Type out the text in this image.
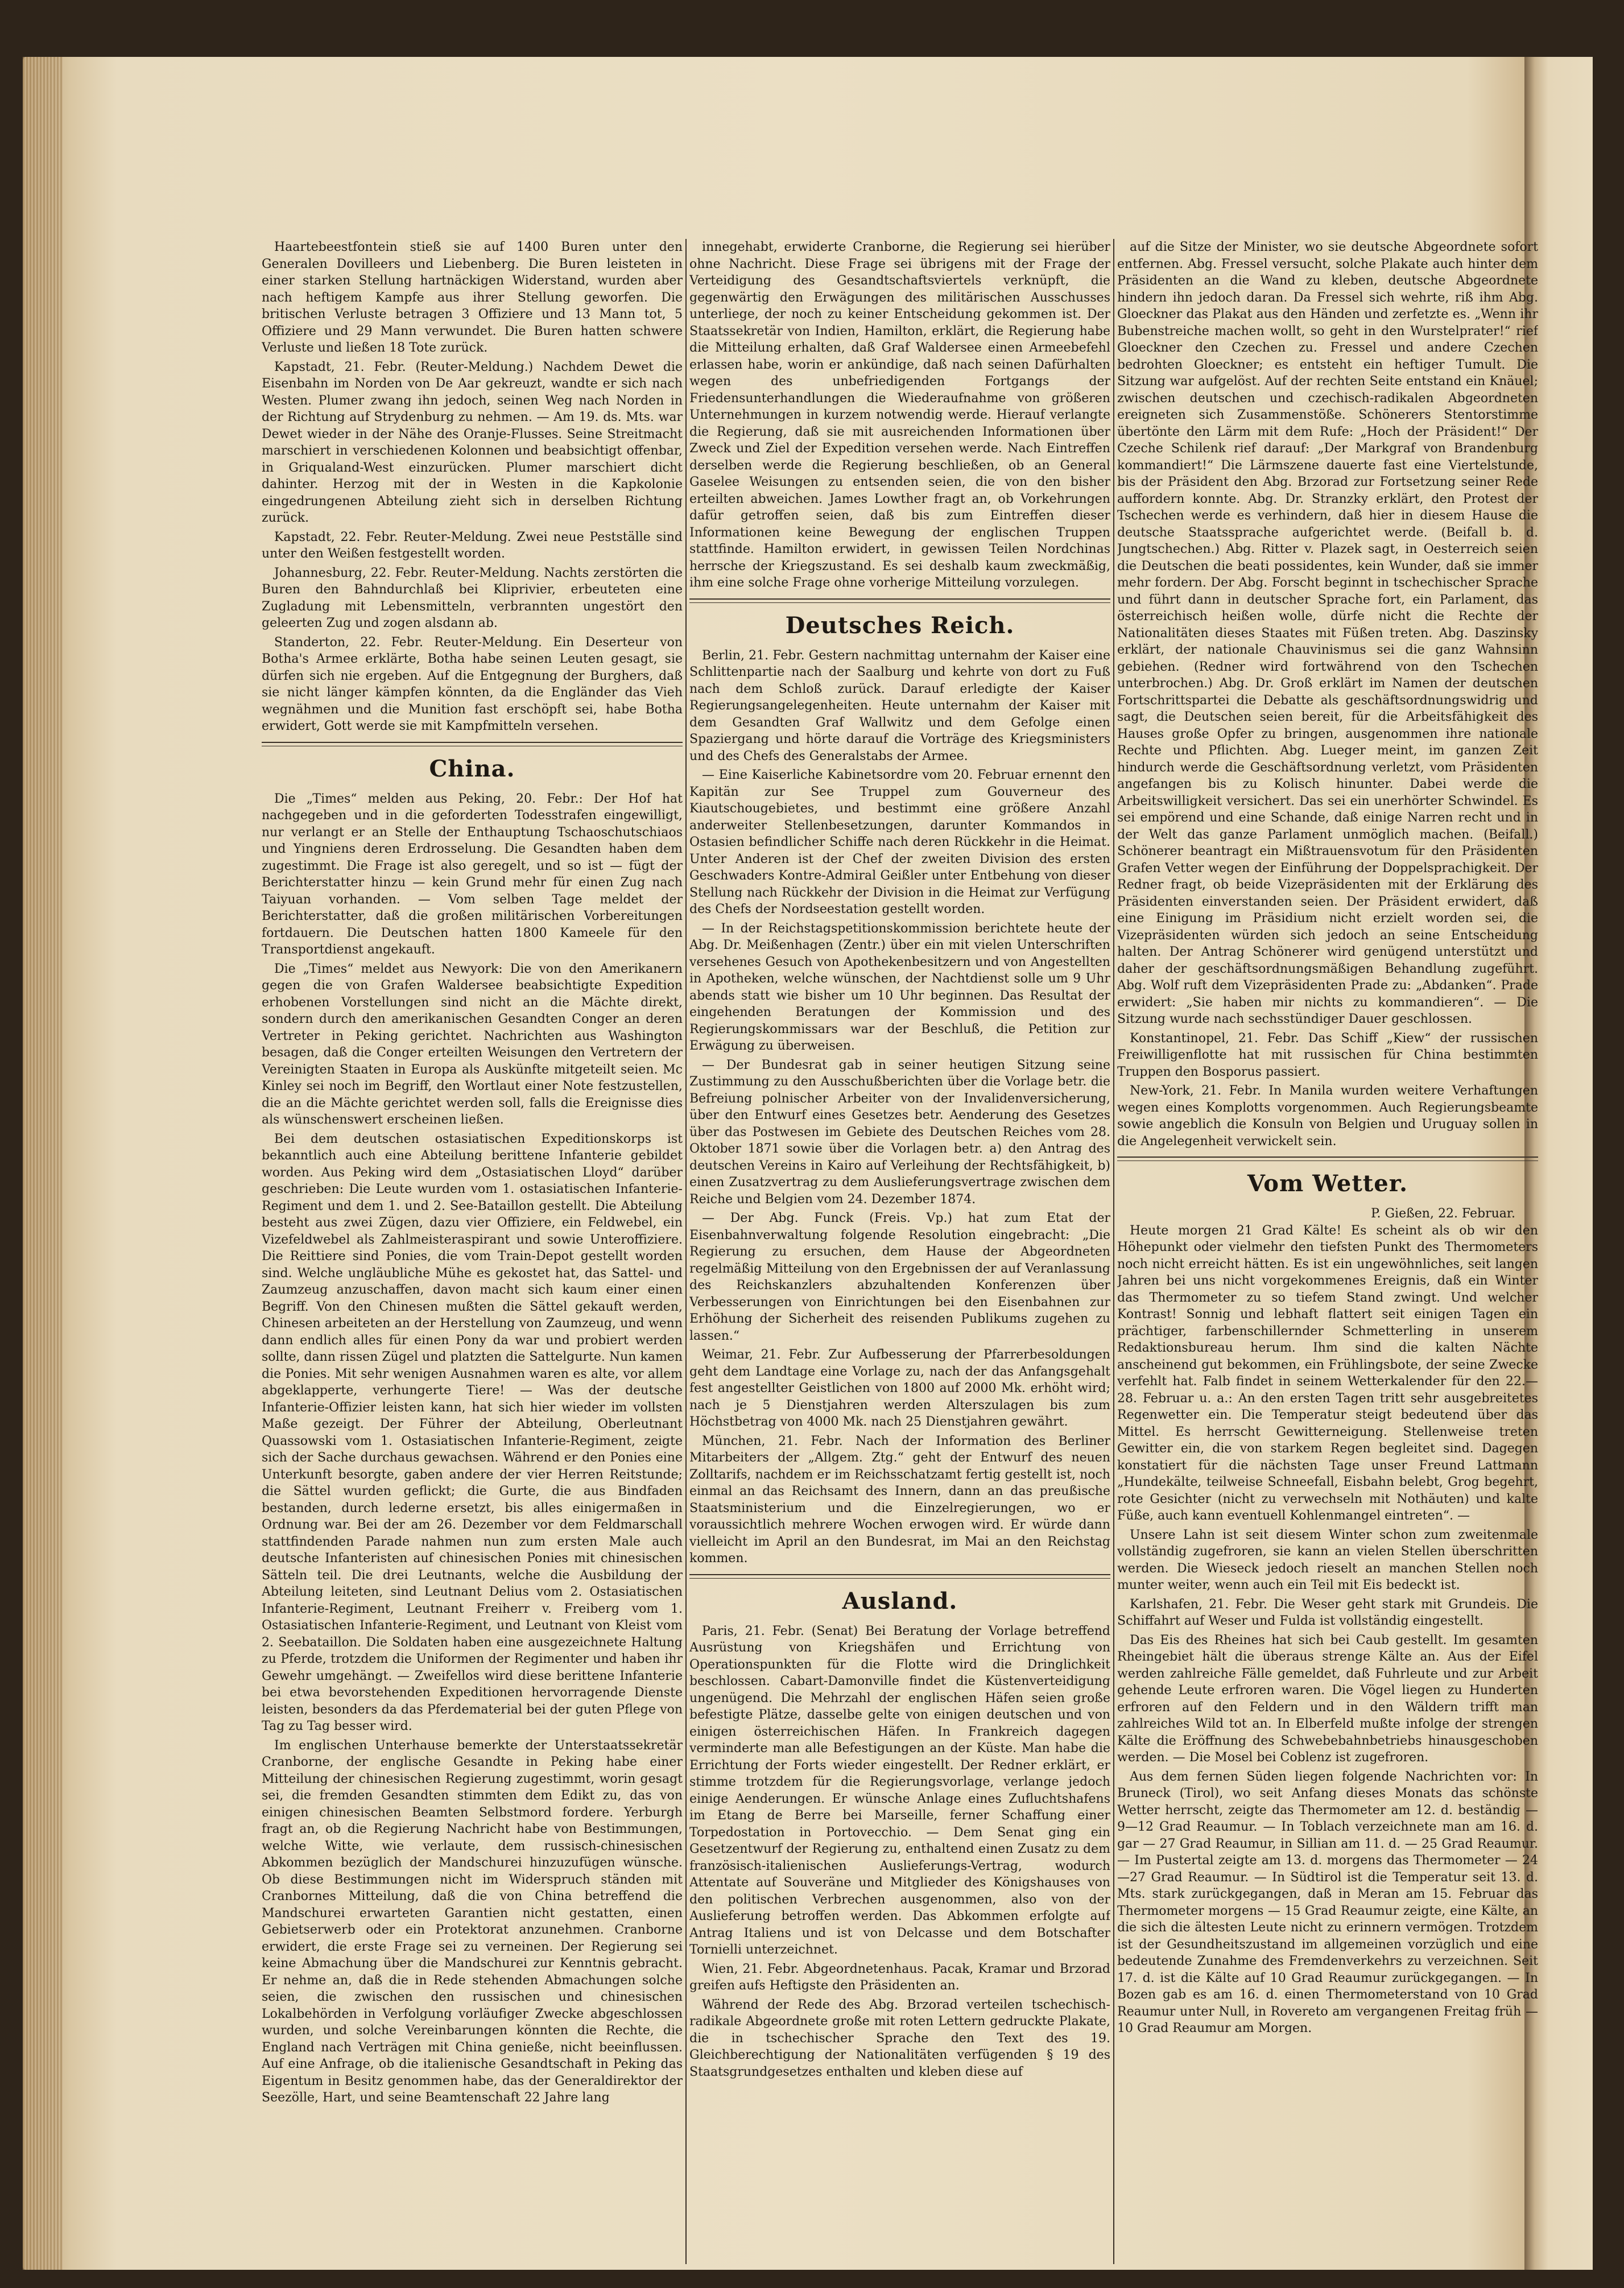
Haartebeestfontein stieß sie auf 1400 Buren unter den Generalen Dovilleers und Liebenberg. Die Buren leisteten in einer starken Stellung hartnäckigen Widerstand, wurden aber nach heftigem Kampfe aus ihrer Stellung geworfen. Die britischen Verluste betragen 3 Offiziere und 13 Mann tot, 5 Offiziere und 29 Mann verwundet. Die Buren hatten schwere Verluste und ließen 18 Tote zurück.

Kapstadt, 21. Febr. (Reuter-Meldung.) Nachdem Dewet die Eisenbahn im Norden von De Aar gekreuzt, wandte er sich nach Westen. Plumer zwang ihn jedoch, seinen Weg nach Norden in der Richtung auf Strydenburg zu nehmen. — Am 19. ds. Mts. war Dewet wieder in der Nähe des Oranje-Flusses. Seine Streitmacht marschiert in verschiedenen Kolonnen und beabsichtigt offenbar, in Griqualand-West einzurücken. Plumer marschiert dicht dahinter. Herzog mit der in Westen in die Kapkolonie eingedrungenen Abteilung zieht sich in derselben Richtung zurück.

Kapstadt, 22. Febr. Reuter-Meldung. Zwei neue Pestställe sind unter den Weißen festgestellt worden.

Johannesburg, 22. Febr. Reuter-Meldung. Nachts zerstörten die Buren den Bahndurchlaß bei Kliprivier, erbeuteten eine Zugladung mit Lebensmitteln, verbrannten ungestört den geleerten Zug und zogen alsdann ab.

Standerton, 22. Febr. Reuter-Meldung. Ein Deserteur von Botha's Armee erklärte, Botha habe seinen Leuten gesagt, sie dürfen sich nie ergeben. Auf die Entgegnung der Burghers, daß sie nicht länger kämpfen könnten, da die Engländer das Vieh wegnähmen und die Munition fast erschöpft sei, habe Botha erwidert, Gott werde sie mit Kampfmitteln versehen.

China.

Die „Times“ melden aus Peking, 20. Febr.: Der Hof hat nachgegeben und in die geforderten Todesstrafen eingewilligt, nur verlangt er an Stelle der Enthauptung Tschaoschutschiaos und Yingniens deren Erdrosselung. Die Gesandten haben dem zugestimmt. Die Frage ist also geregelt, und so ist — fügt der Berichterstatter hinzu — kein Grund mehr für einen Zug nach Taiyuan vorhanden. — Vom selben Tage meldet der Berichterstatter, daß die großen militärischen Vorbereitungen fortdauern. Die Deutschen hatten 1800 Kameele für den Transportdienst angekauft.

Die „Times“ meldet aus Newyork: Die von den Amerikanern gegen die von Grafen Waldersee beabsichtigte Expedition erhobenen Vorstellungen sind nicht an die Mächte direkt, sondern durch den amerikanischen Gesandten Conger an deren Vertreter in Peking gerichtet. Nachrichten aus Washington besagen, daß die Conger erteilten Weisungen den Vertretern der Vereinigten Staaten in Europa als Auskünfte mitgeteilt seien. Mc Kinley sei noch im Begriff, den Wortlaut einer Note festzustellen, die an die Mächte gerichtet werden soll, falls die Ereignisse dies als wünschenswert erscheinen ließen.

Bei dem deutschen ostasiatischen Expeditionskorps ist bekanntlich auch eine Abteilung berittene Infanterie gebildet worden. Aus Peking wird dem „Ostasiatischen Lloyd“ darüber geschrieben: Die Leute wurden vom 1. ostasiatischen Infanterie-Regiment und dem 1. und 2. See-Bataillon gestellt. Die Abteilung besteht aus zwei Zügen, dazu vier Offiziere, ein Feldwebel, ein Vizefeldwebel als Zahlmeisteraspirant und sowie Unteroffiziere. Die Reittiere sind Ponies, die vom Train-Depot gestellt worden sind. Welche ungläubliche Mühe es gekostet hat, das Sattel- und Zaumzeug anzuschaffen, davon macht sich kaum einer einen Begriff. Von den Chinesen mußten die Sättel gekauft werden, Chinesen arbeiteten an der Herstellung von Zaumzeug, und wenn dann endlich alles für einen Pony da war und probiert werden sollte, dann rissen Zügel und platzten die Sattelgurte. Nun kamen die Ponies. Mit sehr wenigen Ausnahmen waren es alte, vor allem abgeklapperte, verhungerte Tiere! — Was der deutsche Infanterie-Offizier leisten kann, hat sich hier wieder im vollsten Maße gezeigt. Der Führer der Abteilung, Oberleutnant Quassowski vom 1. Ostasiatischen Infanterie-Regiment, zeigte sich der Sache durchaus gewachsen. Während er den Ponies eine Unterkunft besorgte, gaben andere der vier Herren Reitstunde; die Sättel wurden geflickt; die Gurte, die aus Bindfaden bestanden, durch lederne ersetzt, bis alles einigermaßen in Ordnung war. Bei der am 26. Dezember vor dem Feldmarschall stattfindenden Parade nahmen nun zum ersten Male auch deutsche Infanteristen auf chinesischen Ponies mit chinesischen Sätteln teil. Die drei Leutnants, welche die Ausbildung der Abteilung leiteten, sind Leutnant Delius vom 2. Ostasiatischen Infanterie-Regiment, Leutnant Freiherr v. Freiberg vom 1. Ostasiatischen Infanterie-Regiment, und Leutnant von Kleist vom 2. Seebataillon. Die Soldaten haben eine ausgezeichnete Haltung zu Pferde, trotzdem die Uniformen der Regimenter und haben ihr Gewehr umgehängt. — Zweifellos wird diese berittene Infanterie bei etwa bevorstehenden Expeditionen hervorragende Dienste leisten, besonders da das Pferdematerial bei der guten Pflege von Tag zu Tag besser wird.

Im englischen Unterhause bemerkte der Unterstaatssekretär Cranborne, der englische Gesandte in Peking habe einer Mitteilung der chinesischen Regierung zugestimmt, worin gesagt sei, die fremden Gesandten stimmten dem Edikt zu, das von einigen chinesischen Beamten Selbstmord fordere. Yerburgh fragt an, ob die Regierung Nachricht habe von Bestimmungen, welche Witte, wie verlaute, dem russisch-chinesischen Abkommen bezüglich der Mandschurei hinzuzufügen wünsche. Ob diese Bestimmungen nicht im Widerspruch ständen mit Cranbornes Mitteilung, daß die von China betreffend die Mandschurei erwarteten Garantien nicht gestatten, einen Gebietserwerb oder ein Protektorat anzunehmen. Cranborne erwidert, die erste Frage sei zu verneinen. Der Regierung sei keine Abmachung über die Mandschurei zur Kenntnis gebracht. Er nehme an, daß die in Rede stehenden Abmachungen solche seien, die zwischen den russischen und chinesischen Lokalbehörden in Verfolgung vorläufiger Zwecke abgeschlossen wurden, und solche Vereinbarungen könnten die Rechte, die England nach Verträgen mit China genieße, nicht beeinflussen. Auf eine Anfrage, ob die italienische Gesandtschaft in Peking das Eigentum in Besitz genommen habe, das der Generaldirektor der Seezölle, Hart, und seine Beamtenschaft 22 Jahre lang

innegehabt, erwiderte Cranborne, die Regierung sei hierüber ohne Nachricht. Diese Frage sei übrigens mit der Frage der Verteidigung des Gesandtschaftsviertels verknüpft, die gegenwärtig den Erwägungen des militärischen Ausschusses unterliege, der noch zu keiner Entscheidung gekommen ist. Der Staatssekretär von Indien, Hamilton, erklärt, die Regierung habe die Mitteilung erhalten, daß Graf Waldersee einen Armeebefehl erlassen habe, worin er ankündige, daß nach seinen Dafürhalten wegen des unbefriedigenden Fortgangs der Friedensunterhandlungen die Wiederaufnahme von größeren Unternehmungen in kurzem notwendig werde. Hierauf verlangte die Regierung, daß sie mit ausreichenden Informationen über Zweck und Ziel der Expedition versehen werde. Nach Eintreffen derselben werde die Regierung beschließen, ob an General Gaselee Weisungen zu entsenden seien, die von den bisher erteilten abweichen. James Lowther fragt an, ob Vorkehrungen dafür getroffen seien, daß bis zum Eintreffen dieser Informationen keine Bewegung der englischen Truppen stattfinde. Hamilton erwidert, in gewissen Teilen Nordchinas herrsche der Kriegszustand. Es sei deshalb kaum zweckmäßig, ihm eine solche Frage ohne vorherige Mitteilung vorzulegen.

Deutsches Reich.

Berlin, 21. Febr. Gestern nachmittag unternahm der Kaiser eine Schlittenpartie nach der Saalburg und kehrte von dort zu Fuß nach dem Schloß zurück. Darauf erledigte der Kaiser Regierungsangelegenheiten. Heute unternahm der Kaiser mit dem Gesandten Graf Wallwitz und dem Gefolge einen Spaziergang und hörte darauf die Vorträge des Kriegsministers und des Chefs des Generalstabs der Armee.

— Eine Kaiserliche Kabinetsordre vom 20. Februar ernennt den Kapitän zur See Truppel zum Gouverneur des Kiautschougebietes, und bestimmt eine größere Anzahl anderweiter Stellenbesetzungen, darunter Kommandos in Ostasien befindlicher Schiffe nach deren Rückkehr in die Heimat. Unter Anderen ist der Chef der zweiten Division des ersten Geschwaders Kontre-Admiral Geißler unter Entbehung von dieser Stellung nach Rückkehr der Division in die Heimat zur Verfügung des Chefs der Nordseestation gestellt worden.

— In der Reichstagspetitionskommission berichtete heute der Abg. Dr. Meißenhagen (Zentr.) über ein mit vielen Unterschriften versehenes Gesuch von Apothekenbesitzern und von Angestellten in Apotheken, welche wünschen, der Nachtdienst solle um 9 Uhr abends statt wie bisher um 10 Uhr beginnen. Das Resultat der eingehenden Beratungen der Kommission und des Regierungskommissars war der Beschluß, die Petition zur Erwägung zu überweisen.

— Der Bundesrat gab in seiner heutigen Sitzung seine Zustimmung zu den Ausschußberichten über die Vorlage betr. die Befreiung polnischer Arbeiter von der Invalidenversicherung, über den Entwurf eines Gesetzes betr. Aenderung des Gesetzes über das Postwesen im Gebiete des Deutschen Reiches vom 28. Oktober 1871 sowie über die Vorlagen betr. a) den Antrag des deutschen Vereins in Kairo auf Verleihung der Rechtsfähigkeit, b) einen Zusatzvertrag zu dem Auslieferungsvertrage zwischen dem Reiche und Belgien vom 24. Dezember 1874.

— Der Abg. Funck (Freis. Vp.) hat zum Etat der Eisenbahnverwaltung folgende Resolution eingebracht: „Die Regierung zu ersuchen, dem Hause der Abgeordneten regelmäßig Mitteilung von den Ergebnissen der auf Veranlassung des Reichskanzlers abzuhaltenden Konferenzen über Verbesserungen von Einrichtungen bei den Eisenbahnen zur Erhöhung der Sicherheit des reisenden Publikums zugehen zu lassen.“

Weimar, 21. Febr. Zur Aufbesserung der Pfarrerbesoldungen geht dem Landtage eine Vorlage zu, nach der das Anfangsgehalt fest angestellter Geistlichen von 1800 auf 2000 Mk. erhöht wird; nach je 5 Dienstjahren werden Alterszulagen bis zum Höchstbetrag von 4000 Mk. nach 25 Dienstjahren gewährt.

München, 21. Febr. Nach der Information des Berliner Mitarbeiters der „Allgem. Ztg.“ geht der Entwurf des neuen Zolltarifs, nachdem er im Reichsschatzamt fertig gestellt ist, noch einmal an das Reichsamt des Innern, dann an das preußische Staatsministerium und die Einzelregierungen, wo er voraussichtlich mehrere Wochen erwogen wird. Er würde dann vielleicht im April an den Bundesrat, im Mai an den Reichstag kommen.

Ausland.

Paris, 21. Febr. (Senat) Bei Beratung der Vorlage betreffend Ausrüstung von Kriegshäfen und Errichtung von Operationspunkten für die Flotte wird die Dringlichkeit beschlossen. Cabart-Damonville findet die Küstenverteidigung ungenügend. Die Mehrzahl der englischen Häfen seien große befestigte Plätze, dasselbe gelte von einigen deutschen und von einigen österreichischen Häfen. In Frankreich dagegen verminderte man alle Befestigungen an der Küste. Man habe die Errichtung der Forts wieder eingestellt. Der Redner erklärt, er stimme trotzdem für die Regierungsvorlage, verlange jedoch einige Aenderungen. Er wünsche Anlage eines Zufluchtshafens im Etang de Berre bei Marseille, ferner Schaffung einer Torpedostation in Portovecchio. — Dem Senat ging ein Gesetzentwurf der Regierung zu, enthaltend einen Zusatz zu dem französisch-italienischen Auslieferungs-Vertrag, wodurch Attentate auf Souveräne und Mitglieder des Königshauses von den politischen Verbrechen ausgenommen, also von der Auslieferung betroffen werden. Das Abkommen erfolgte auf Antrag Italiens und ist von Delcasse und dem Botschafter Tornielli unterzeichnet.

Wien, 21. Febr. Abgeordnetenhaus. Pacak, Kramar und Brzorad greifen aufs Heftigste den Präsidenten an.

Während der Rede des Abg. Brzorad verteilen tschechisch-radikale Abgeordnete große mit roten Lettern gedruckte Plakate, die in tschechischer Sprache den Text des 19. Gleichberechtigung der Nationalitäten verfügenden § 19 des Staatsgrundgesetzes enthalten und kleben diese auf

auf die Sitze der Minister, wo sie deutsche Abgeordnete sofort entfernen. Abg. Fressel versucht, solche Plakate auch hinter dem Präsidenten an die Wand zu kleben, deutsche Abgeordnete hindern ihn jedoch daran. Da Fressel sich wehrte, riß ihm Abg. Gloeckner das Plakat aus den Händen und zerfetzte es. „Wenn ihr Bubenstreiche machen wollt, so geht in den Wurstelprater!“ rief Gloeckner den Czechen zu. Fressel und andere Czechen bedrohten Gloeckner; es entsteht ein heftiger Tumult. Die Sitzung war aufgelöst. Auf der rechten Seite entstand ein Knäuel; zwischen deutschen und czechisch-radikalen Abgeordneten ereigneten sich Zusammenstöße. Schönerers Stentorstimme übertönte den Lärm mit dem Rufe: „Hoch der Präsident!“ Der Czeche Schilenk rief darauf: „Der Markgraf von Brandenburg kommandiert!“ Die Lärmszene dauerte fast eine Viertelstunde, bis der Präsident den Abg. Brzorad zur Fortsetzung seiner Rede auffordern konnte. Abg. Dr. Stranzky erklärt, den Protest der Tschechen werde es verhindern, daß hier in diesem Hause die deutsche Staatssprache aufgerichtet werde. (Beifall b. d. Jungtschechen.) Abg. Ritter v. Plazek sagt, in Oesterreich seien die Deutschen die beati possidentes, kein Wunder, daß sie immer mehr fordern. Der Abg. Forscht beginnt in tschechischer Sprache und führt dann in deutscher Sprache fort, ein Parlament, das österreichisch heißen wolle, dürfe nicht die Rechte der Nationalitäten dieses Staates mit Füßen treten. Abg. Daszinsky erklärt, der nationale Chauvinismus sei die ganz Wahnsinn gebiehen. (Redner wird fortwährend von den Tschechen unterbrochen.) Abg. Dr. Groß erklärt im Namen der deutschen Fortschrittspartei die Debatte als geschäftsordnungswidrig und sagt, die Deutschen seien bereit, für die Arbeitsfähigkeit des Hauses große Opfer zu bringen, ausgenommen ihre nationale Rechte und Pflichten. Abg. Lueger meint, im ganzen Zeit hindurch werde die Geschäftsordnung verletzt, vom Präsidenten angefangen bis zu Kolisch hinunter. Dabei werde die Arbeitswilligkeit versichert. Das sei ein unerhörter Schwindel. Es sei empörend und eine Schande, daß einige Narren recht und in der Welt das ganze Parlament unmöglich machen. (Beifall.) Schönerer beantragt ein Mißtrauensvotum für den Präsidenten Grafen Vetter wegen der Einführung der Doppelsprachigkeit. Der Redner fragt, ob beide Vizepräsidenten mit der Erklärung des Präsidenten einverstanden seien. Der Präsident erwidert, daß eine Einigung im Präsidium nicht erzielt worden sei, die Vizepräsidenten würden sich jedoch an seine Entscheidung halten. Der Antrag Schönerer wird genügend unterstützt und daher der geschäftsordnungsmäßigen Behandlung zugeführt. Abg. Wolf ruft dem Vizepräsidenten Prade zu: „Abdanken“. Prade erwidert: „Sie haben mir nichts zu kommandieren“. — Die Sitzung wurde nach sechsstündiger Dauer geschlossen.

Konstantinopel, 21. Febr. Das Schiff „Kiew“ der russischen Freiwilligenflotte hat mit russischen für China bestimmten Truppen den Bosporus passiert.

New-York, 21. Febr. In Manila wurden weitere Verhaftungen wegen eines Komplotts vorgenommen. Auch Regierungsbeamte sowie angeblich die Konsuln von Belgien und Uruguay sollen in die Angelegenheit verwickelt sein.

Vom Wetter.
P. Gießen, 22. Februar.

Heute morgen 21 Grad Kälte! Es scheint als ob wir den Höhepunkt oder vielmehr den tiefsten Punkt des Thermometers noch nicht erreicht hätten. Es ist ein ungewöhnliches, seit langen Jahren bei uns nicht vorgekommenes Ereignis, daß ein Winter das Thermometer zu so tiefem Stand zwingt. Und welcher Kontrast! Sonnig und lebhaft flattert seit einigen Tagen ein prächtiger, farbenschillernder Schmetterling in unserem Redaktionsbureau herum. Ihm sind die kalten Nächte anscheinend gut bekommen, ein Frühlingsbote, der seine Zwecke verfehlt hat. Falb findet in seinem Wetterkalender für den 22.—28. Februar u. a.: An den ersten Tagen tritt sehr ausgebreitetes Regenwetter ein. Die Temperatur steigt bedeutend über das Mittel. Es herrscht Gewitterneigung. Stellenweise treten Gewitter ein, die von starkem Regen begleitet sind. Dagegen konstatiert für die nächsten Tage unser Freund Lattmann „Hundekälte, teilweise Schneefall, Eisbahn belebt, Grog begehrt, rote Gesichter (nicht zu verwechseln mit Nothäuten) und kalte Füße, auch kann eventuell Kohlenmangel eintreten“. —

Unsere Lahn ist seit diesem Winter schon zum zweitenmale vollständig zugefroren, sie kann an vielen Stellen überschritten werden. Die Wieseck jedoch rieselt an manchen Stellen noch munter weiter, wenn auch ein Teil mit Eis bedeckt ist.

Karlshafen, 21. Febr. Die Weser geht stark mit Grundeis. Die Schiffahrt auf Weser und Fulda ist vollständig eingestellt.

Das Eis des Rheines hat sich bei Caub gestellt. Im gesamten Rheingebiet hält die überaus strenge Kälte an. Aus der Eifel werden zahlreiche Fälle gemeldet, daß Fuhrleute und zur Arbeit gehende Leute erfroren waren. Die Vögel liegen zu Hunderten erfroren auf den Feldern und in den Wäldern trifft man zahlreiches Wild tot an. In Elberfeld mußte infolge der strengen Kälte die Eröffnung des Schwebebahnbetriebs hinausgeschoben werden. — Die Mosel bei Coblenz ist zugefroren.

Aus dem fernen Süden liegen folgende Nachrichten vor: In Bruneck (Tirol), wo seit Anfang dieses Monats das schönste Wetter herrscht, zeigte das Thermometer am 12. d. beständig — 9—12 Grad Reaumur. — In Toblach verzeichnete man am 16. d. gar — 27 Grad Reaumur, in Sillian am 11. d. — 25 Grad Reaumur. — Im Pustertal zeigte am 13. d. morgens das Thermometer — 24—27 Grad Reaumur. — In Südtirol ist die Temperatur seit 13. d. Mts. stark zurückgegangen, daß in Meran am 15. Februar das Thermometer morgens — 15 Grad Reaumur zeigte, eine Kälte, an die sich die ältesten Leute nicht zu erinnern vermögen. Trotzdem ist der Gesundheitszustand im allgemeinen vorzüglich und eine bedeutende Zunahme des Fremdenverkehrs zu verzeichnen. Seit 17. d. ist die Kälte auf 10 Grad Reaumur zurückgegangen. — In Bozen gab es am 16. d. einen Thermometerstand von 10 Grad Reaumur unter Null, in Rovereto am vergangenen Freitag früh — 10 Grad Reaumur am Morgen.
